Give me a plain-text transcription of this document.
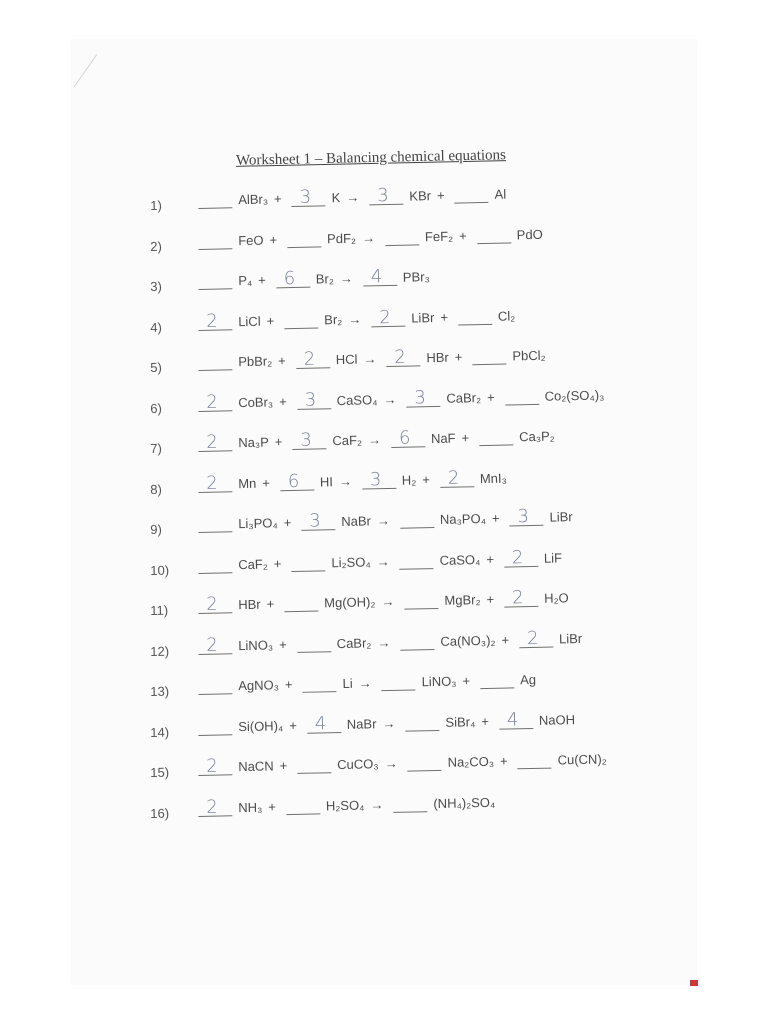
Worksheet 1 – Balancing chemical equations
1)	AlBr₃ + 3 K → 3 KBr +	Al
2)	FeO +	PdF₂ →	FeF₂ +	PdO
3)	P₄ + 6 Br₂ → 4 PBr₃
4)	2 LiCl +	Br₂ → 2 LiBr +	Cl₂
5)	PbBr₂ + 2 HCl → 2 HBr +	PbCl₂
6)	2 CoBr₃ + 3 CaSO₄ → 3 CaBr₂ +	Co₂(SO₄)₃
7)	2 Na₃P + 3 CaF₂ → 6 NaF +	Ca₃P₂
8)	2 Mn + 6 HI → 3 H₂ + 2 MnI₃
9)	Li₃PO₄ + 3 NaBr →	Na₃PO₄ + 3 LiBr
10)	CaF₂ +	Li₂SO₄ →	CaSO₄ + 2 LiF
11)	2 HBr +	Mg(OH)₂ →	MgBr₂ + 2 H₂O
12)	2 LiNO₃ +	CaBr₂ →	Ca(NO₃)₂ + 2 LiBr
13)	AgNO₃ +	Li →	LiNO₃ +	Ag
14)	Si(OH)₄ + 4 NaBr →	SiBr₄ + 4 NaOH
15)	2 NaCN +	CuCO₃ →	Na₂CO₃ +	Cu(CN)₂
16)	2 NH₃ +	H₂SO₄ →	(NH₄)₂SO₄
